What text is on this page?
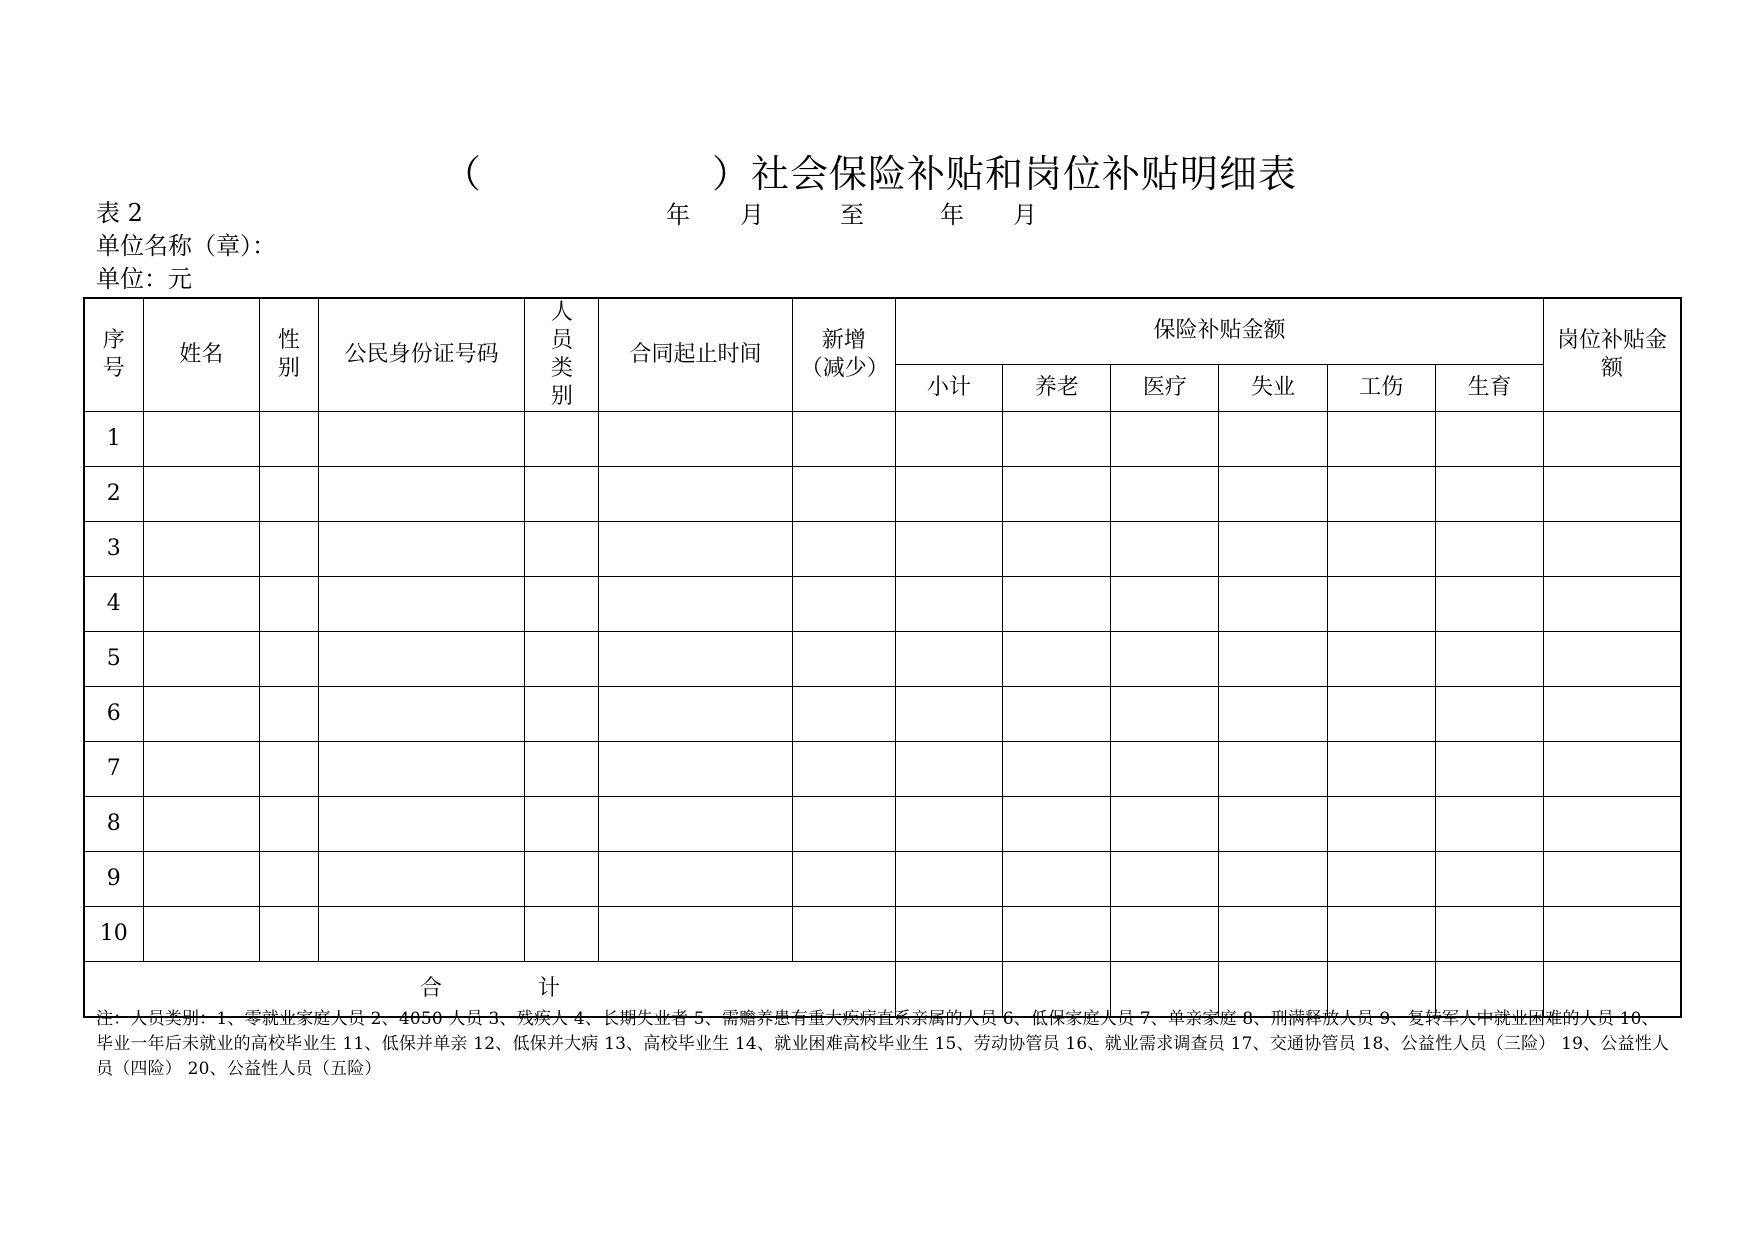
（	）社会保险补贴和岗位补贴明细表
表 2	年 月	至	年 月
单位名称（章）：
单位：元
序号	姓名	性别	公民身份证号码	人员类别	合同起止时间	新增（减少）	保险补贴金额						岗位补贴金额
							小计	养老	医疗	失业	工伤	生育	
1													
2													
3													
4													
5													
6													
7													
8													
9													
10													
合 计													
注：人员类别：1、零就业家庭人员 2、4050 人员 3、残疾人 4、长期失业者 5、需赡养患有重大疾病直系亲属的人员 6、低保家庭人员 7、单亲家庭 8、刑满释放人员 9、复转军人中就业困难的人员 10、毕业一年后未就业的高校毕业生 11、低保并单亲 12、低保并大病 13、高校毕业生 14、就业困难高校毕业生 15、劳动协管员 16、就业需求调查员 17、交通协管员 18、公益性人员（三险） 19、公益性人员（四险） 20、公益性人员（五险）
